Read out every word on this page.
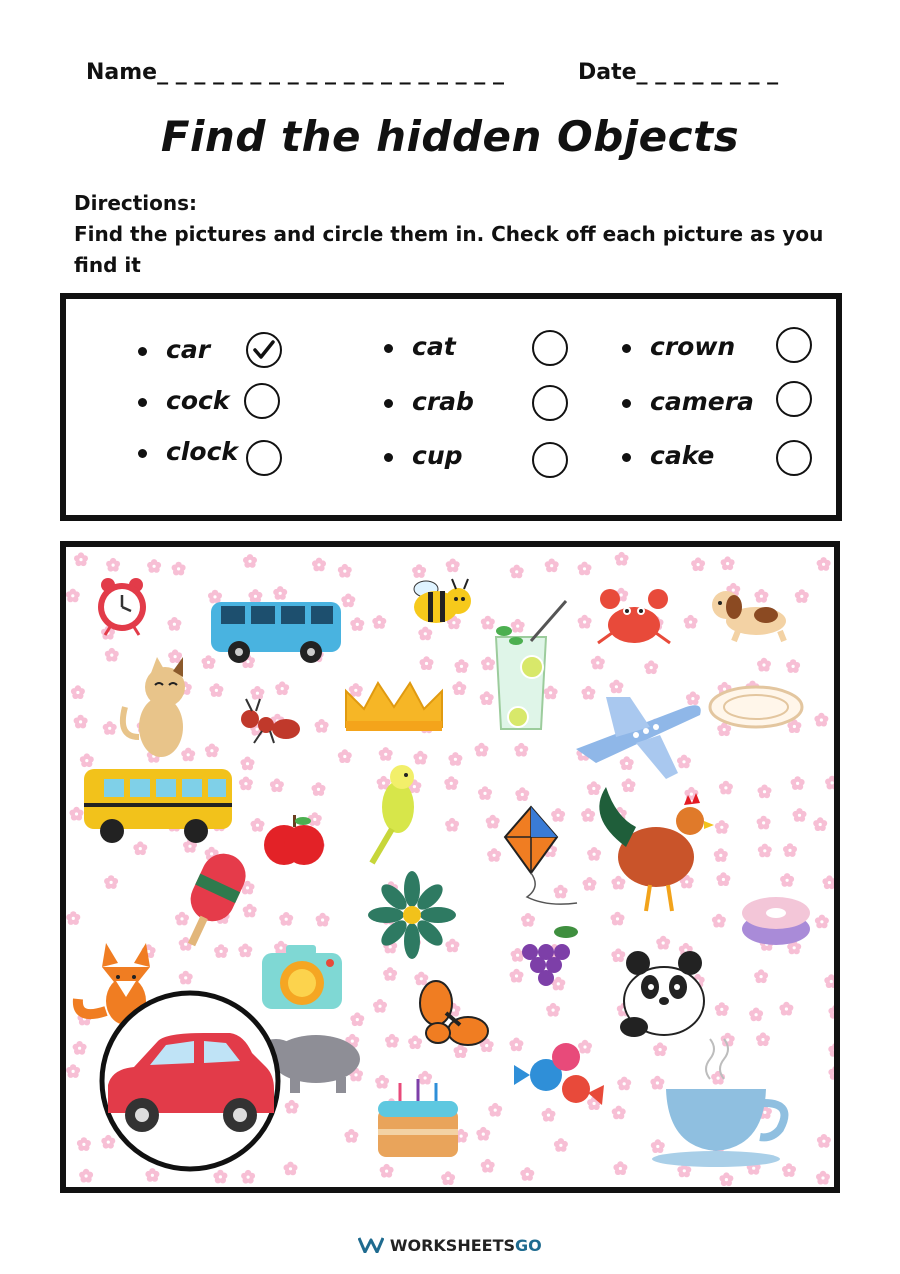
Name_ _ _ _ _ _ _ _ _ _ _ _ _ _ _ _ _ _ _	Date_ _ _ _ _ _ _ _
Find the hidden Objects
Directions:
Find the pictures and circle them in. Check off each picture as you
find it
car
cock
clock
cat
crab
cup
crown
camera
cake
WORKSHEETSGO
